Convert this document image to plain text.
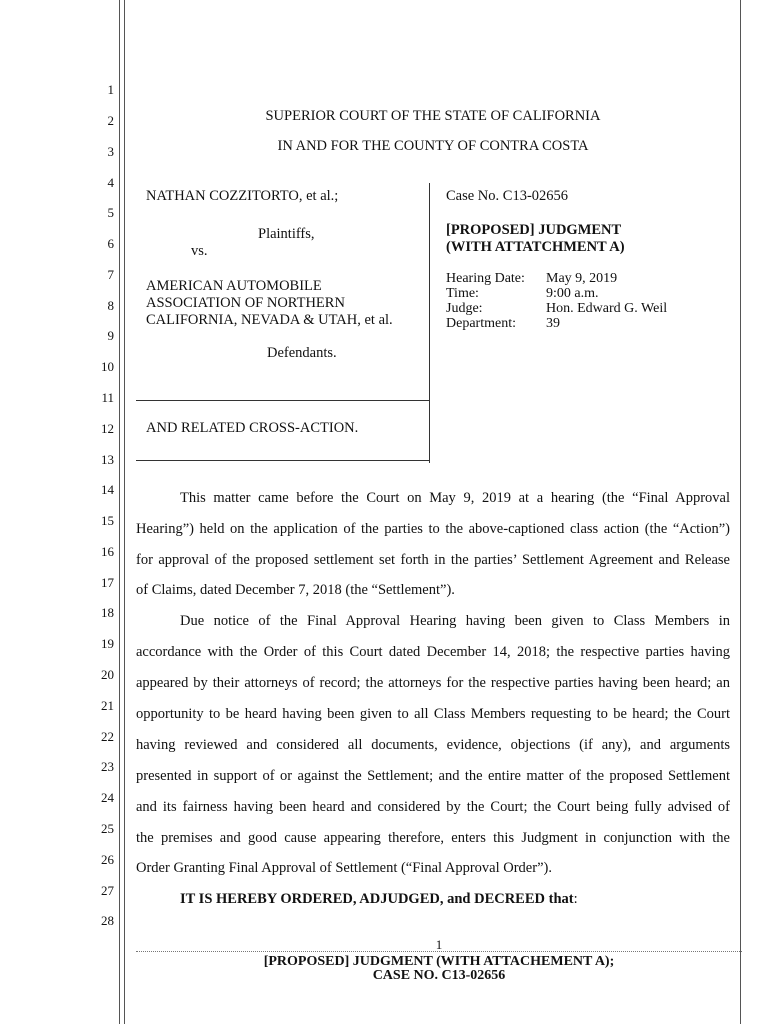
1
2
3
4
5
6
7
8
9
10
11
12
13
14
15
16
17
18
19
20
21
22
23
24
25
26
27
28
SUPERIOR COURT OF THE STATE OF CALIFORNIA
IN AND FOR THE COUNTY OF CONTRA COSTA
NATHAN COZZITORTO, et al.;
Plaintiffs,
vs.
AMERICAN AUTOMOBILE
ASSOCIATION OF NORTHERN
CALIFORNIA, NEVADA & UTAH, et al.
Defendants.
AND RELATED CROSS-ACTION.
Case No. C13-02656
[PROPOSED] JUDGMENT
(WITH ATTATCHMENT A)
Hearing Date: May 9, 2019
Time:	9:00 a.m.
Judge:	Hon. Edward G. Weil
Department: 39
This matter came before the Court on May 9, 2019 at a hearing (the “Final Approval
Hearing”) held on the application of the parties to the above-captioned class action (the “Action”)
for approval of the proposed settlement set forth in the parties’ Settlement Agreement and Release
of Claims, dated December 7, 2018 (the “Settlement”).
Due notice of the Final Approval Hearing having been given to Class Members in
accordance with the Order of this Court dated December 14, 2018; the respective parties having
appeared by their attorneys of record; the attorneys for the respective parties having been heard; an
opportunity to be heard having been given to all Class Members requesting to be heard; the Court
having reviewed and considered all documents, evidence, objections (if any), and arguments
presented in support of or against the Settlement; and the entire matter of the proposed Settlement
and its fairness having been heard and considered by the Court; the Court being fully advised of
the premises and good cause appearing therefore, enters this Judgment in conjunction with the
Order Granting Final Approval of Settlement (“Final Approval Order”).
IT IS HEREBY ORDERED, ADJUDGED, and DECREED that:
1
[PROPOSED] JUDGMENT (WITH ATTACHEMENT A);
CASE NO. C13-02656
